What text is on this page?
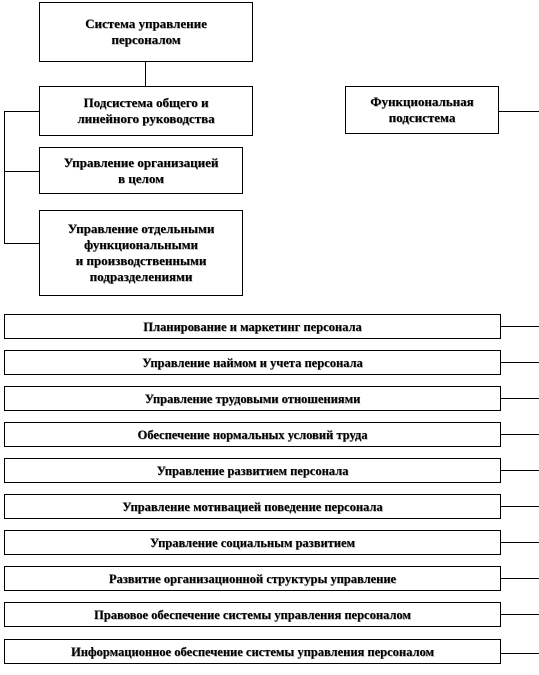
Система управление
персоналом
Подсистема общего и
линейного руководства
Функциональная
подсистема
Управление организацией
в целом
Управление отдельными
функциональными
и производственными
подразделениями
Планирование и маркетинг персонала
Управление наймом и учета персонала
Управление трудовыми отношениями
Обеспечение нормальных условий труда
Управление развитием персонала
Управление мотивацией поведение персонала
Управление социальным развитием
Развитие организационной структуры управление
Правовое обеспечение системы управления персоналом
Информационное обеспечение системы управления персоналом
